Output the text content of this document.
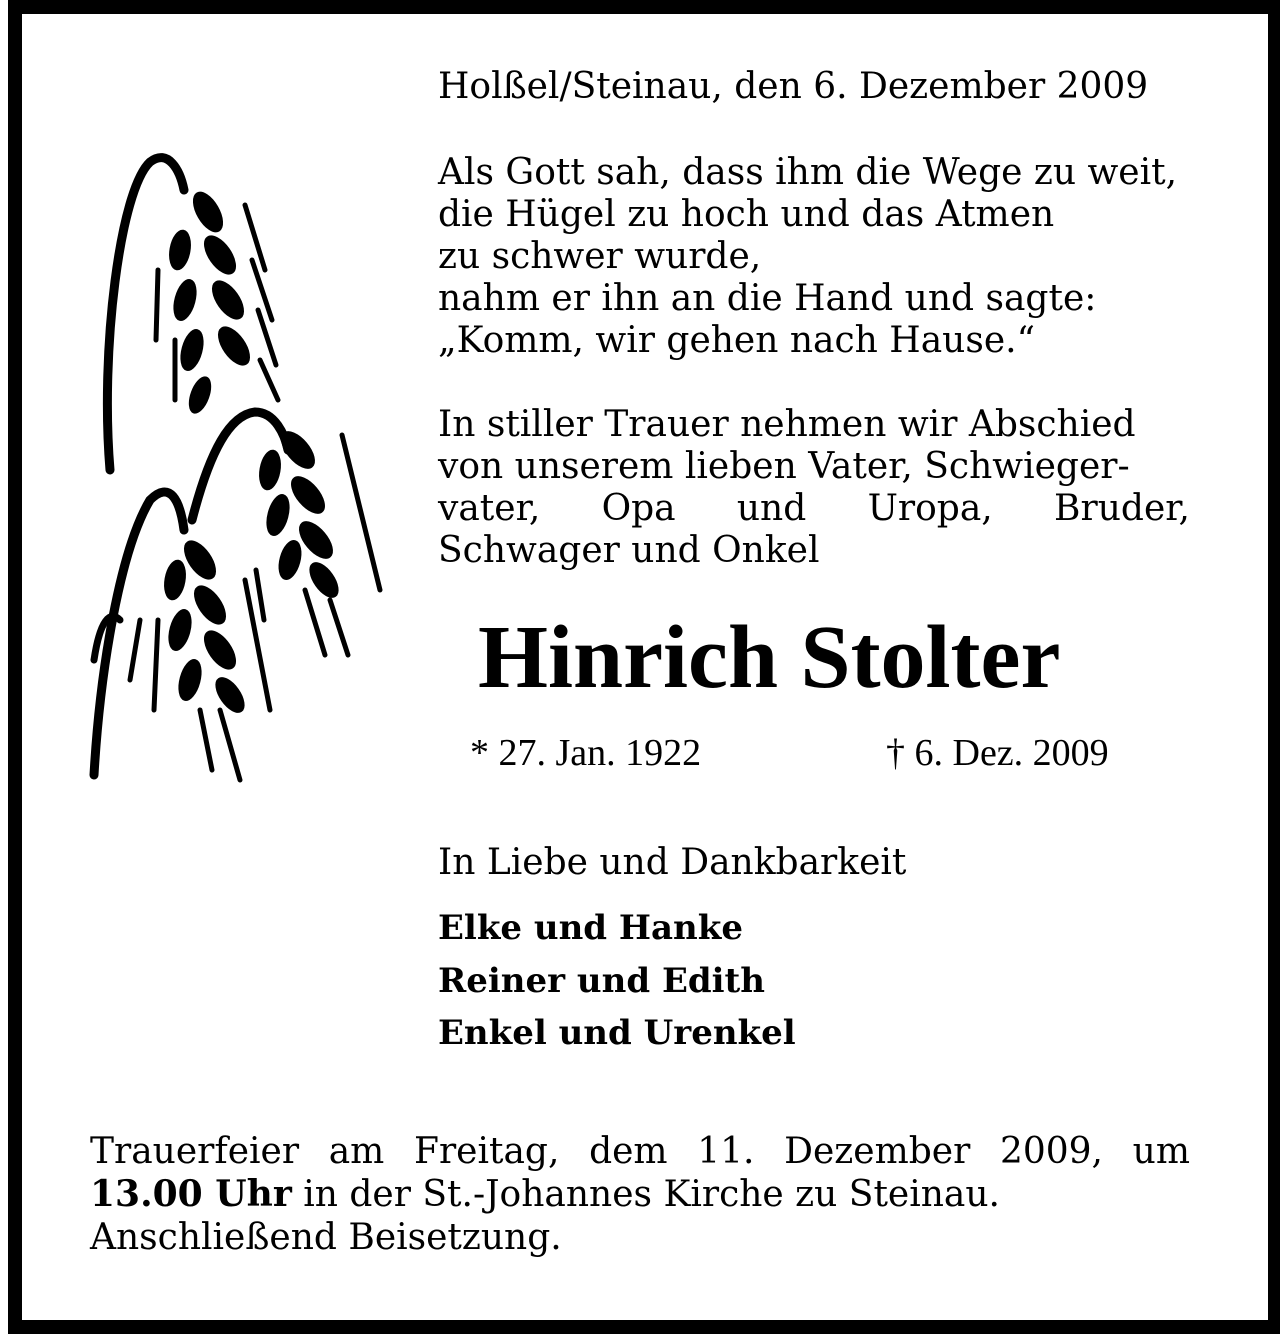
Holßel/Steinau, den 6. Dezember 2009

Als Gott sah, dass ihm die Wege zu weit,
die Hügel zu hoch und das Atmen
zu schwer wurde,
nahm er ihn an die Hand und sagte:
„Komm, wir gehen nach Hause.“

In stiller Trauer nehmen wir Abschied
von unserem lieben Vater, Schwieger-
vater, Opa und Uropa, Bruder,
Schwager und Onkel

Hinrich Stolter

* 27. Jan. 1922	† 6. Dez. 2009

In Liebe und Dankbarkeit

Elke und Hanke

Reiner und Edith

Enkel und Urenkel

Trauerfeier am Freitag, dem 11. Dezember 2009, um
13.00 Uhr in der St.-Johannes Kirche zu Steinau.
Anschließend Beisetzung.
